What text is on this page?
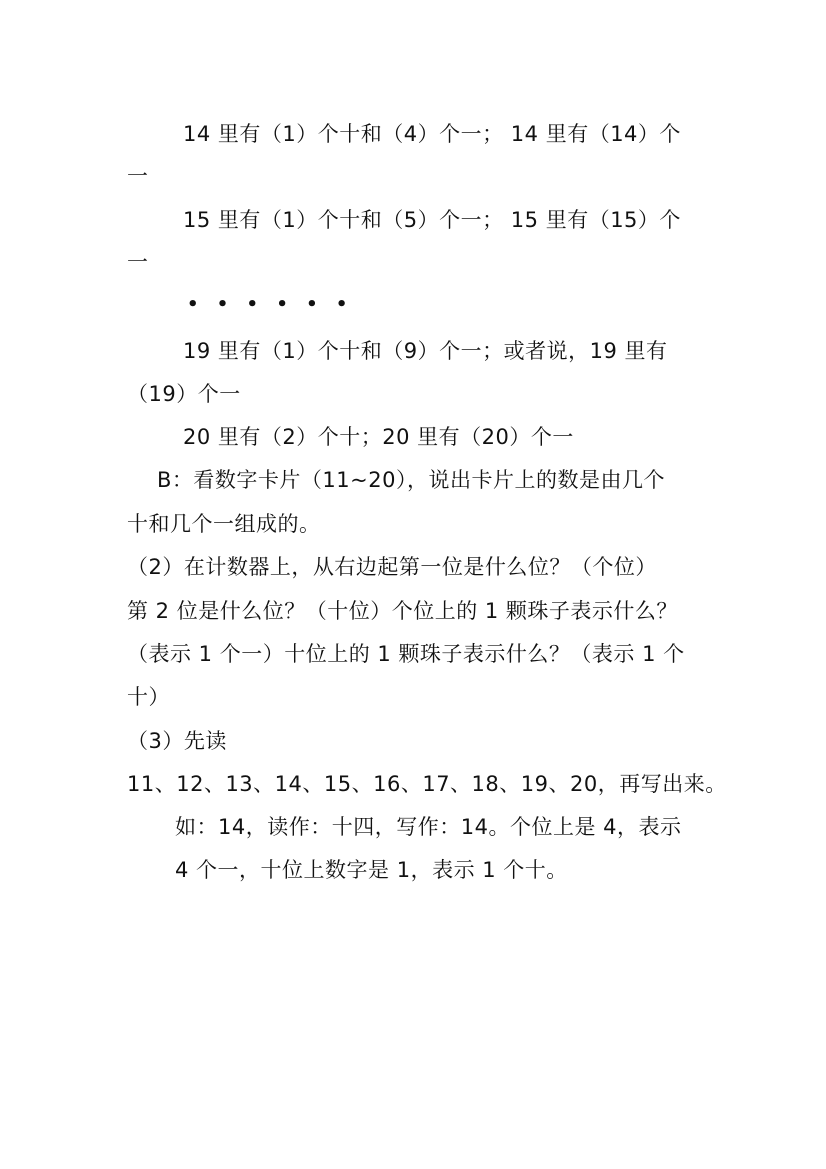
14 里有（1）个十和（4）个一； 14 里有（14）个
一
15 里有（1）个十和（5）个一； 15 里有（15）个
一
• • • • • •
19 里有（1）个十和（9）个一；或者说，19 里有
（19）个一
20 里有（2）个十；20 里有（20）个一
B：看数字卡片（11~20），说出卡片上的数是由几个
十和几个一组成的。
（2）在计数器上，从右边起第一位是什么位？（个位）
第 2 位是什么位？（十位）个位上的 1 颗珠子表示什么？
（表示 1 个一）十位上的 1 颗珠子表示什么？（表示 1 个
十）
（3）先读
11、12、13、14、15、16、17、18、19、20，再写出来。
如：14，读作：十四，写作：14。个位上是 4，表示
4 个一，十位上数字是 1，表示 1 个十。
